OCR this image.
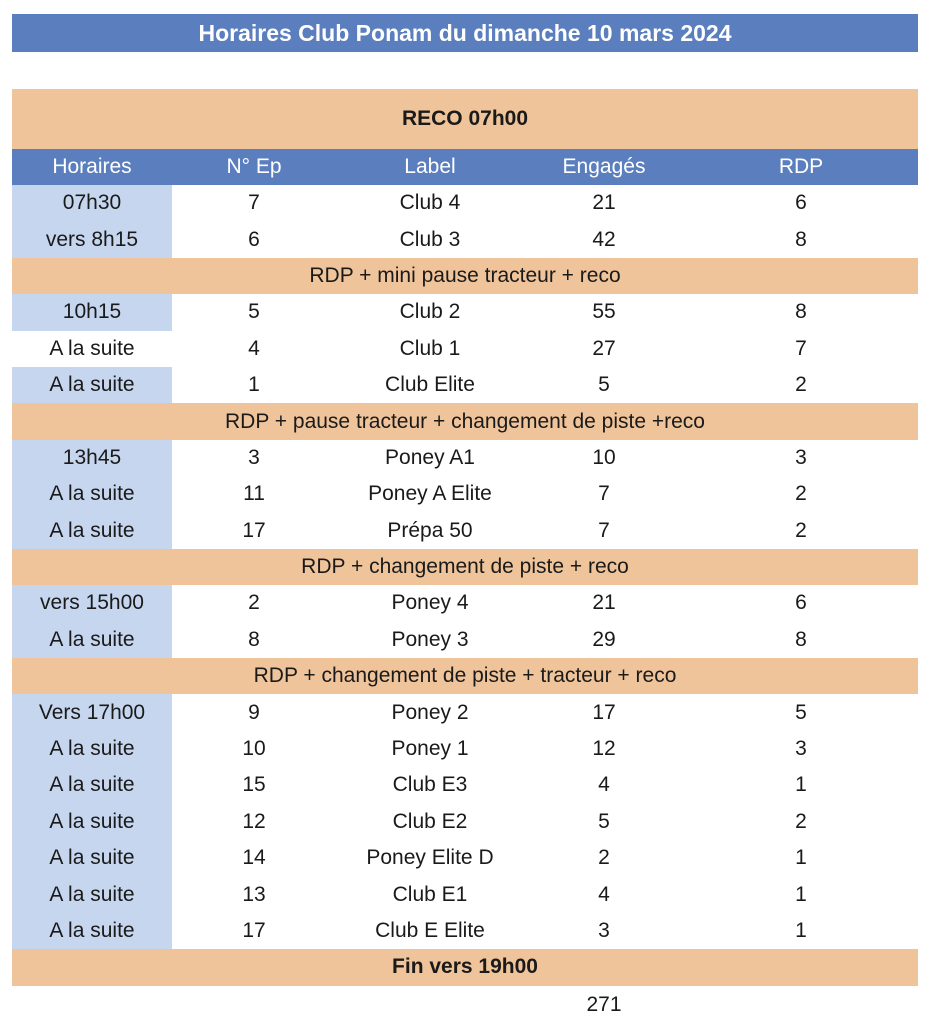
Horaires Club Ponam du dimanche 10 mars 2024
RECO 07h00
Horaires	N° Ep	Label	Engagés	RDP
07h30	7	Club 4	21	6
vers 8h15	6	Club 3	42	8
RDP + mini pause tracteur + reco
10h15	5	Club 2	55	8
A la suite	4	Club 1	27	7
A la suite	1	Club Elite	5	2
RDP + pause tracteur + changement de piste +reco
13h45	3	Poney A1	10	3
A la suite	11	Poney A Elite	7	2
A la suite	17	Prépa 50	7	2
RDP + changement de piste + reco
vers 15h00	2	Poney 4	21	6
A la suite	8	Poney 3	29	8
RDP + changement de piste + tracteur + reco
Vers 17h00	9	Poney 2	17	5
A la suite	10	Poney 1	12	3
A la suite	15	Club E3	4	1
A la suite	12	Club E2	5	2
A la suite	14	Poney Elite D	2	1
A la suite	13	Club E1	4	1
A la suite	17	Club E Elite	3	1
Fin vers 19h00
271
